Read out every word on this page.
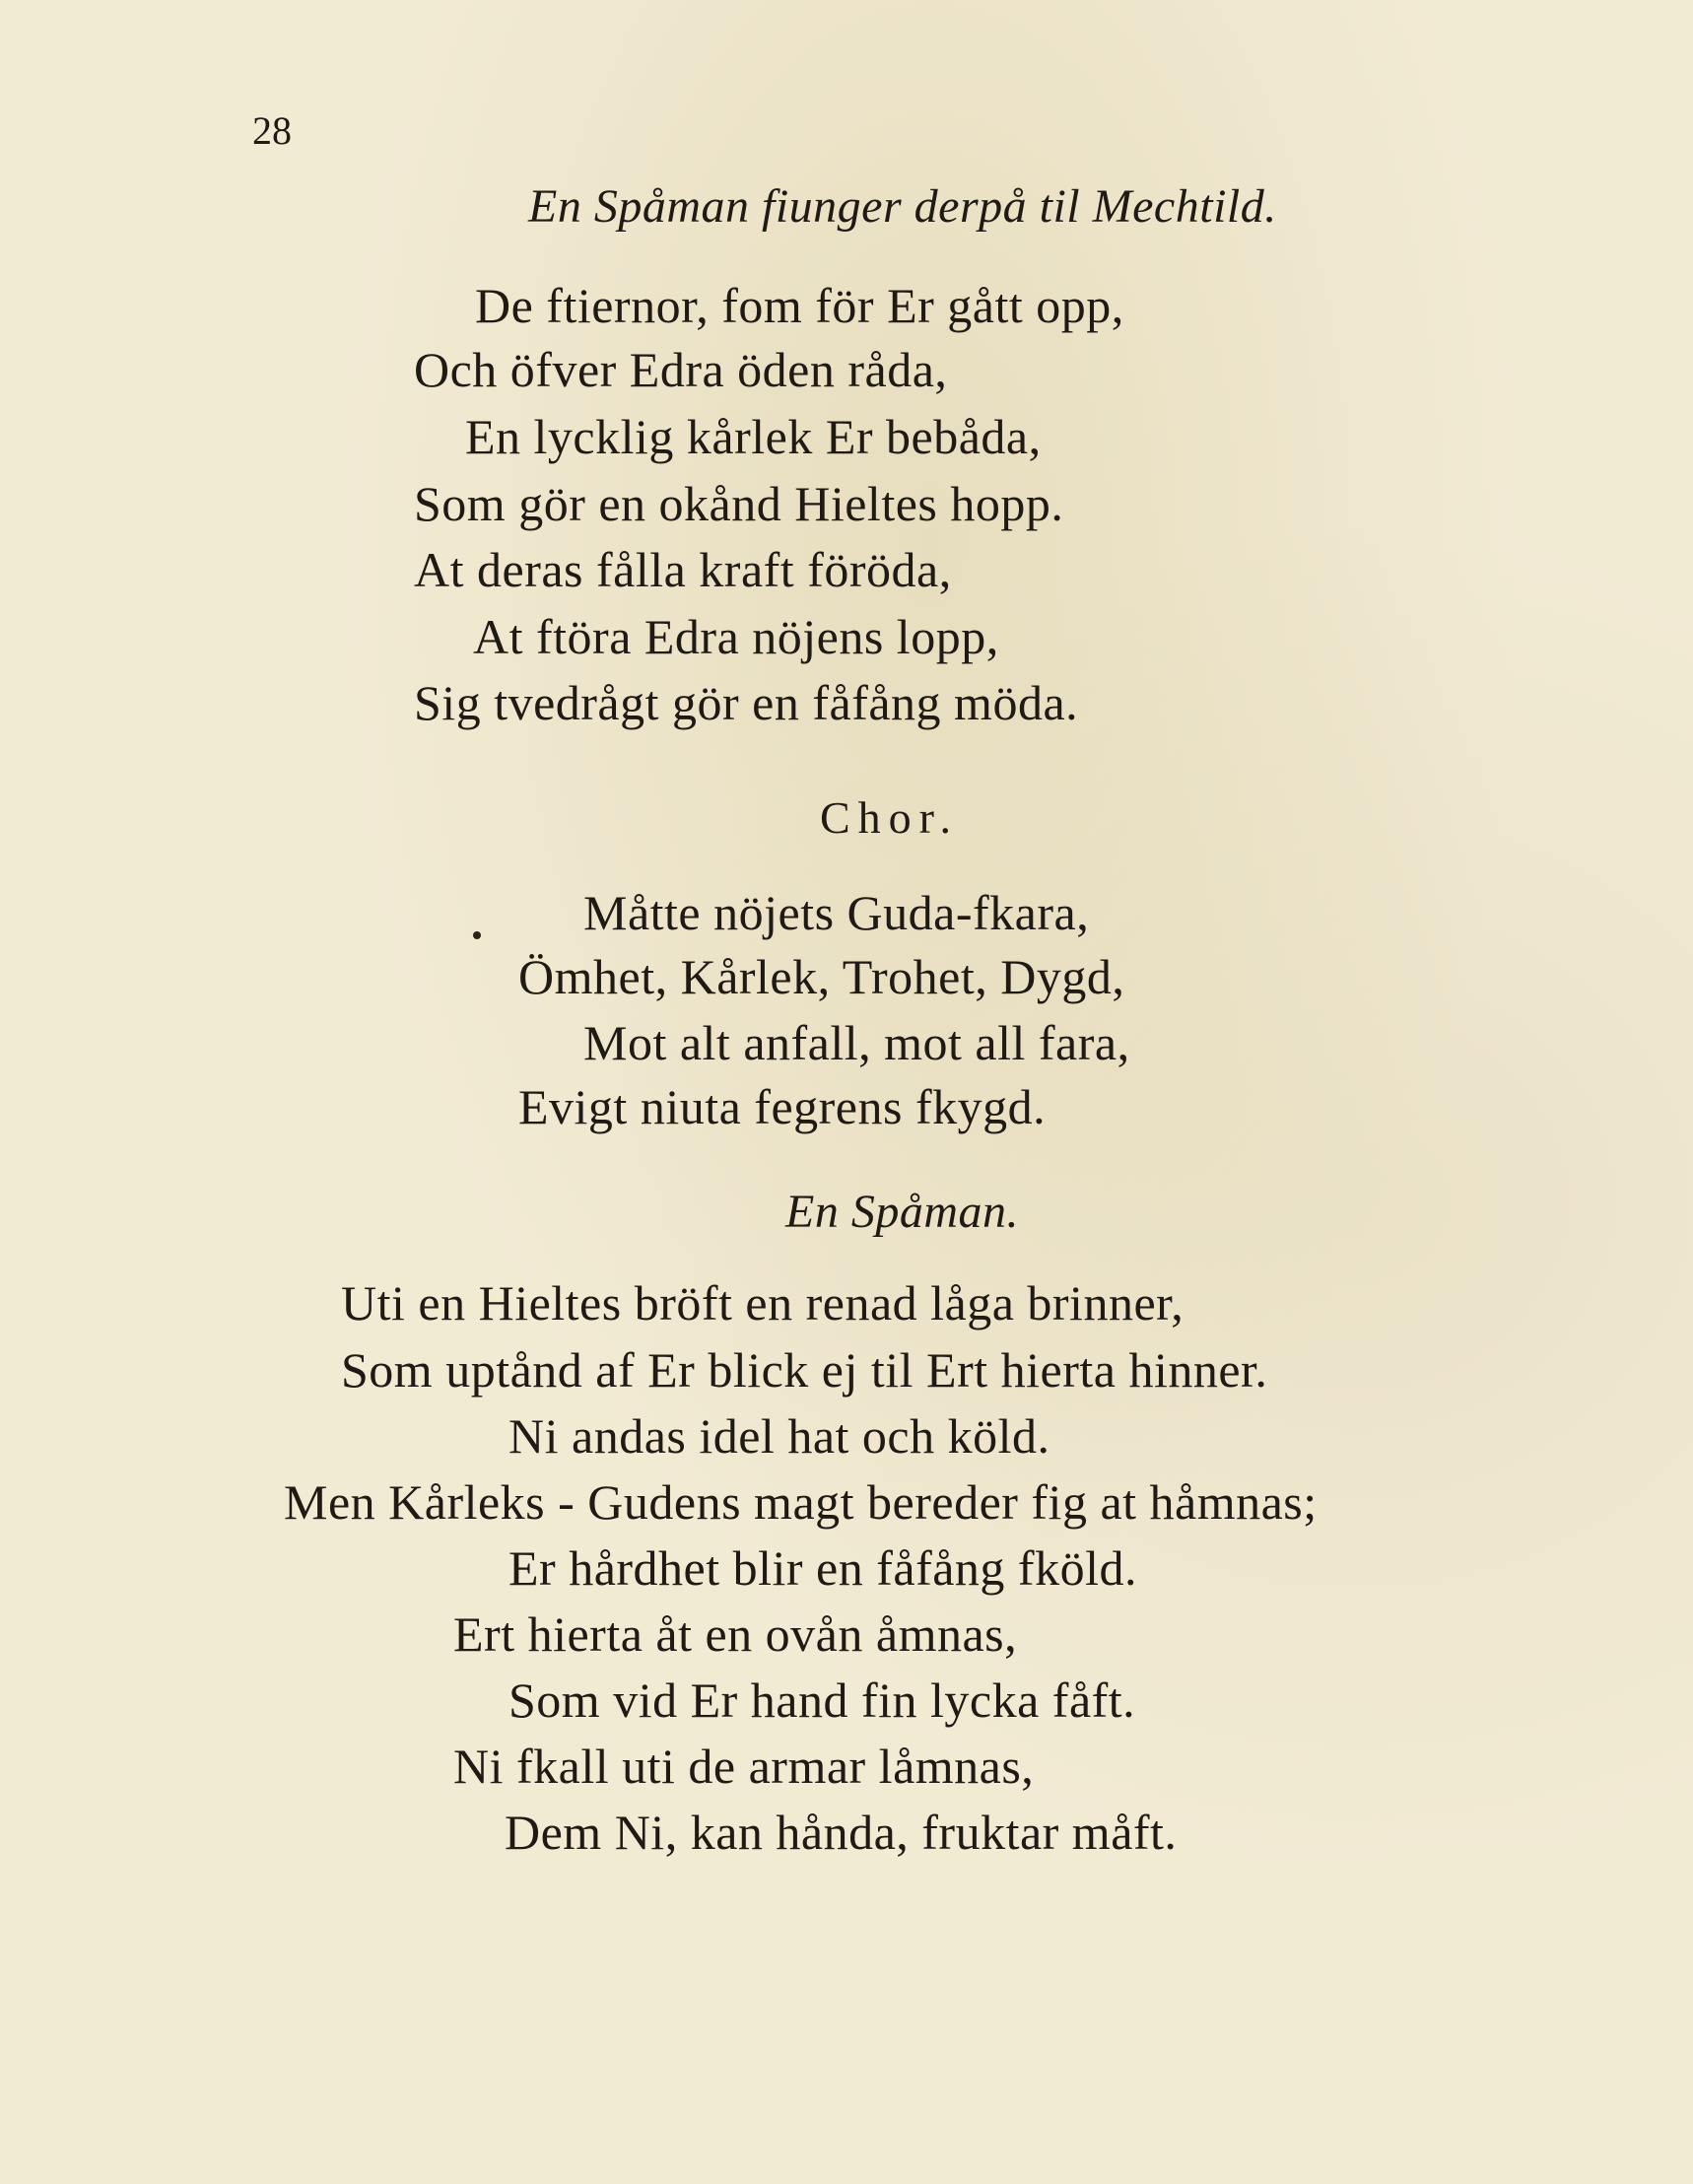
28
En Spåman fiunger derpå til Mechtild.
De ftiernor, fom för Er gått opp,
Och öfver Edra öden råda,
En lycklig kårlek Er bebåda,
Som gör en okånd Hieltes hopp.
At deras fålla kraft föröda,
At ftöra Edra nöjens lopp,
Sig tvedrågt gör en fåfång möda.
Chor.
Måtte nöjets Guda-fkara,
Ömhet, Kårlek, Trohet, Dygd,
Mot alt anfall, mot all fara,
Evigt niuta fegrens fkygd.
En Spåman.
Uti en Hieltes bröft en renad låga brinner,
Som uptånd af Er blick ej til Ert hierta hinner.
Ni andas idel hat och köld.
Men Kårleks - Gudens magt bereder fig at håmnas;
Er hårdhet blir en fåfång fköld.
Ert hierta åt en ovån åmnas,
Som vid Er hand fin lycka fåft.
Ni fkall uti de armar låmnas,
Dem Ni, kan hånda, fruktar måft.
